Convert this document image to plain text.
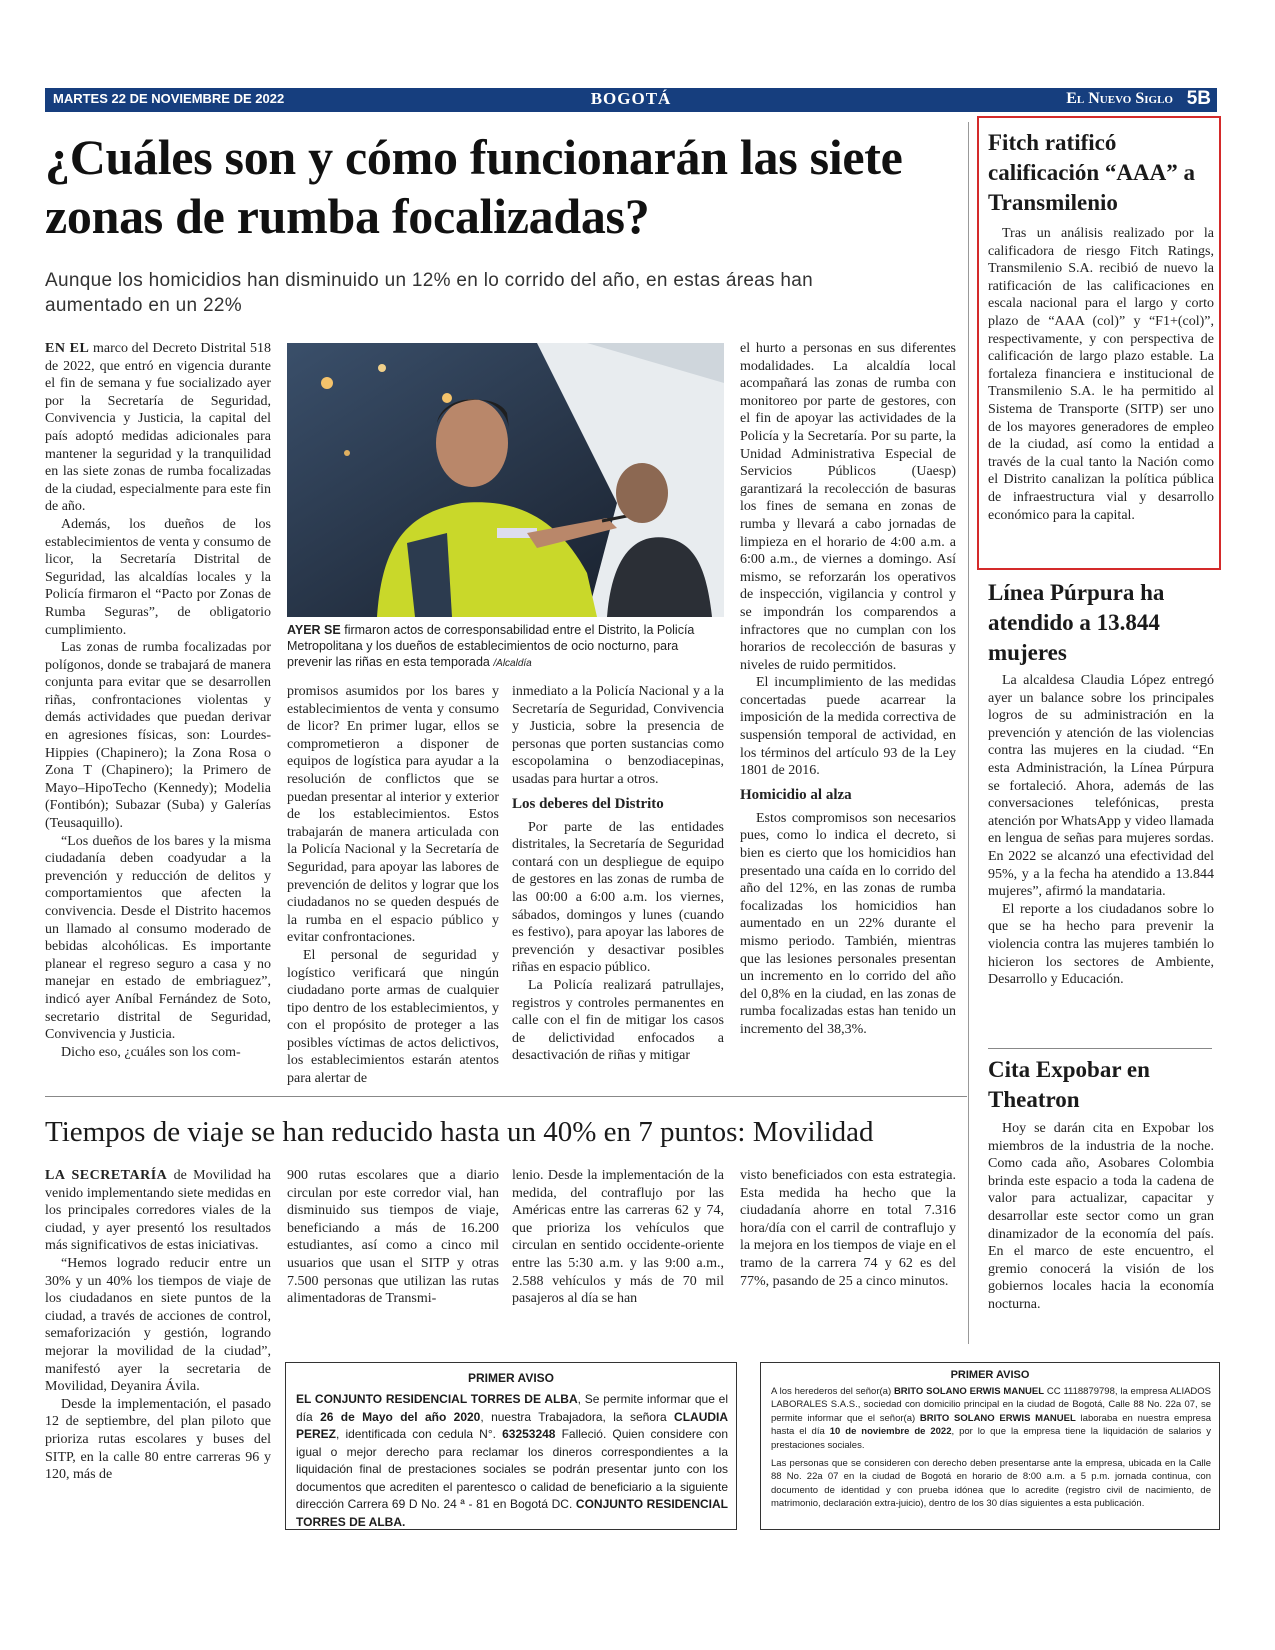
MARTES 22 DE NOVIEMBRE DE 2022	BOGOTÁ	El Nuevo Siglo 5B
¿Cuáles son y cómo funcionarán las siete zonas de rumba focalizadas?
Aunque los homicidios han disminuido un 12% en lo corrido del año, en estas áreas han aumentado en un 22%

EN EL marco del Decreto Distrital 518 de 2022, que entró en vigencia durante el fin de semana y fue socializado ayer por la Secretaría de Seguridad, Convivencia y Justicia, la capital del país adoptó medidas adicionales para mantener la seguridad y la tranquilidad en las siete zonas de rumba focalizadas de la ciudad, especialmente para este fin de año.

Además, los dueños de los establecimientos de venta y consumo de licor, la Secretaría Distrital de Seguridad, las alcaldías locales y la Policía firmaron el “Pacto por Zonas de Rumba Seguras”, de obligatorio cumplimiento.

Las zonas de rumba focalizadas por polígonos, donde se trabajará de manera conjunta para evitar que se desarrollen riñas, confrontaciones violentas y demás actividades que puedan derivar en agresiones físicas, son: Lourdes-Hippies (Chapinero); la Zona Rosa o Zona T (Chapinero); la Primero de Mayo–HipoTecho (Kennedy); Modelia (Fontibón); Subazar (Suba) y Galerías (Teusaquillo).

“Los dueños de los bares y la misma ciudadanía deben coadyudar a la prevención y reducción de delitos y comportamientos que afecten la convivencia. Desde el Distrito hacemos un llamado al consumo moderado de bebidas alcohólicas. Es importante planear el regreso seguro a casa y no manejar en estado de embriaguez”, indicó ayer Aníbal Fernández de Soto, secretario distrital de Seguridad, Convivencia y Justicia.

Dicho eso, ¿cuáles son los com-

AYER SE firmaron actos de corresponsabilidad entre el Distrito, la Policía Metropolitana y los dueños de establecimientos de ocio nocturno, para prevenir las riñas en esta temporada /Alcaldía

promisos asumidos por los bares y establecimientos de venta y consumo de licor? En primer lugar, ellos se comprometieron a disponer de equipos de logística para ayudar a la resolución de conflictos que se puedan presentar al interior y exterior de los establecimientos. Estos trabajarán de manera articulada con la Policía Nacional y la Secretaría de Seguridad, para apoyar las labores de prevención de delitos y lograr que los ciudadanos no se queden después de la rumba en el espacio público y evitar confrontaciones.

El personal de seguridad y logístico verificará que ningún ciudadano porte armas de cualquier tipo dentro de los establecimientos, y con el propósito de proteger a las posibles víctimas de actos delictivos, los establecimientos estarán atentos para alertar de

inmediato a la Policía Nacional y a la Secretaría de Seguridad, Convivencia y Justicia, sobre la presencia de personas que porten sustancias como escopolamina o benzodiacepinas, usadas para hurtar a otros.

Los deberes del Distrito

Por parte de las entidades distritales, la Secretaría de Seguridad contará con un despliegue de equipo de gestores en las zonas de rumba de las 00:00 a 6:00 a.m. los viernes, sábados, domingos y lunes (cuando es festivo), para apoyar las labores de prevención y desactivar posibles riñas en espacio público.

La Policía realizará patrullajes, registros y controles permanentes en calle con el fin de mitigar los casos de delictividad enfocados a desactivación de riñas y mitigar

el hurto a personas en sus diferentes modalidades. La alcaldía local acompañará las zonas de rumba con monitoreo por parte de gestores, con el fin de apoyar las actividades de la Policía y la Secretaría. Por su parte, la Unidad Administrativa Especial de Servicios Públicos (Uaesp) garantizará la recolección de basuras los fines de semana en zonas de rumba y llevará a cabo jornadas de limpieza en el horario de 4:00 a.m. a 6:00 a.m., de viernes a domingo. Así mismo, se reforzarán los operativos de inspección, vigilancia y control y se impondrán los comparendos a infractores que no cumplan con los horarios de recolección de basuras y niveles de ruido permitidos.

El incumplimiento de las medidas concertadas puede acarrear la imposición de la medida correctiva de suspensión temporal de actividad, en los términos del artículo 93 de la Ley 1801 de 2016.

Homicidio al alza

Estos compromisos son necesarios pues, como lo indica el decreto, si bien es cierto que los homicidios han presentado una caída en lo corrido del año del 12%, en las zonas de rumba focalizadas los homicidios han aumentado en un 22% durante el mismo periodo. También, mientras que las lesiones personales presentan un incremento en lo corrido del año del 0,8% en la ciudad, en las zonas de rumba focalizadas estas han tenido un incremento del 38,3%.

Fitch ratificó calificación “AAA” a Transmilenio

Tras un análisis realizado por la calificadora de riesgo Fitch Ratings, Transmilenio S.A. recibió de nuevo la ratificación de las calificaciones en escala nacional para el largo y corto plazo de “AAA (col)” y “F1+(col)”, respectivamente, y con perspectiva de calificación de largo plazo estable. La fortaleza financiera e institucional de Transmilenio S.A. le ha permitido al Sistema de Transporte (SITP) ser uno de los mayores generadores de empleo de la ciudad, así como la entidad a través de la cual tanto la Nación como el Distrito canalizan la política pública de infraestructura vial y desarrollo económico para la capital.

Línea Púrpura ha atendido a 13.844 mujeres

La alcaldesa Claudia López entregó ayer un balance sobre los principales logros de su administración en la prevención y atención de las violencias contra las mujeres en la ciudad. “En esta Administración, la Línea Púrpura se fortaleció. Ahora, además de las conversaciones telefónicas, presta atención por WhatsApp y video llamada en lengua de señas para mujeres sordas. En 2022 se alcanzó una efectividad del 95%, y a la fecha ha atendido a 13.844 mujeres”, afirmó la mandataria.

El reporte a los ciudadanos sobre lo que se ha hecho para prevenir la violencia contra las mujeres también lo hicieron los sectores de Ambiente, Desarrollo y Educación.

Cita Expobar en Theatron

Hoy se darán cita en Expobar los miembros de la industria de la noche. Como cada año, Asobares Colombia brinda este espacio a toda la cadena de valor para actualizar, capacitar y desarrollar este sector como un gran dinamizador de la economía del país. En el marco de este encuentro, el gremio conocerá la visión de los gobiernos locales hacia la economía nocturna.

Tiempos de viaje se han reducido hasta un 40% en 7 puntos: Movilidad

LA SECRETARÍA de Movilidad ha venido implementando siete medidas en los principales corredores viales de la ciudad, y ayer presentó los resultados más significativos de estas iniciativas.

“Hemos logrado reducir entre un 30% y un 40% los tiempos de viaje de los ciudadanos en siete puntos de la ciudad, a través de acciones de control, semaforización y gestión, logrando mejorar la movilidad de la ciudad”, manifestó ayer la secretaria de Movilidad, Deyanira Ávila.

Desde la implementación, el pasado 12 de septiembre, del plan piloto que prioriza rutas escolares y buses del SITP, en la calle 80 entre carreras 96 y 120, más de

900 rutas escolares que a diario circulan por este corredor vial, han disminuido sus tiempos de viaje, beneficiando a más de 16.200 estudiantes, así como a cinco mil usuarios que usan el SITP y otras 7.500 personas que utilizan las rutas alimentadoras de Transmi-

lenio. Desde la implementación de la medida, del contraflujo por las Américas entre las carreras 62 y 74, que prioriza los vehículos que circulan en sentido occidente-oriente entre las 5:30 a.m. y las 9:00 a.m., 2.588 vehículos y más de 70 mil pasajeros al día se han

visto beneficiados con esta estrategia. Esta medida ha hecho que la ciudadanía ahorre en total 7.316 hora/día con el carril de contraflujo y la mejora en los tiempos de viaje en el tramo de la carrera 74 y 62 es del 77%, pasando de 25 a cinco minutos.

PRIMER AVISO
EL CONJUNTO RESIDENCIAL TORRES DE ALBA, Se permite informar que el día 26 de Mayo del año 2020, nuestra Trabajadora, la señora CLAUDIA PEREZ, identificada con cedula N°. 63253248 Falleció. Quien considere con igual o mejor derecho para reclamar los dineros correspondientes a la liquidación final de prestaciones sociales se podrán presentar junto con los documentos que acrediten el parentesco o calidad de beneficiario a la siguiente dirección Carrera 69 D No. 24 ª - 81 en Bogotá DC. CONJUNTO RESIDENCIAL TORRES DE ALBA.
PRIMER AVISO
A los herederos del señor(a) BRITO SOLANO ERWIS MANUEL CC 1118879798, la empresa ALIADOS LABORALES S.A.S., sociedad con domicilio principal en la ciudad de Bogotá, Calle 88 No. 22a 07, se permite informar que el señor(a) BRITO SOLANO ERWIS MANUEL laboraba en nuestra empresa hasta el día 10 de noviembre de 2022, por lo que la empresa tiene la liquidación de salarios y prestaciones sociales.
Las personas que se consideren con derecho deben presentarse ante la empresa, ubicada en la Calle 88 No. 22a 07 en la ciudad de Bogotá en horario de 8:00 a.m. a 5 p.m. jornada continua, con documento de identidad y con prueba idónea que lo acredite (registro civil de nacimiento, de matrimonio, declaración extra-juicio), dentro de los 30 días siguientes a esta publicación.
